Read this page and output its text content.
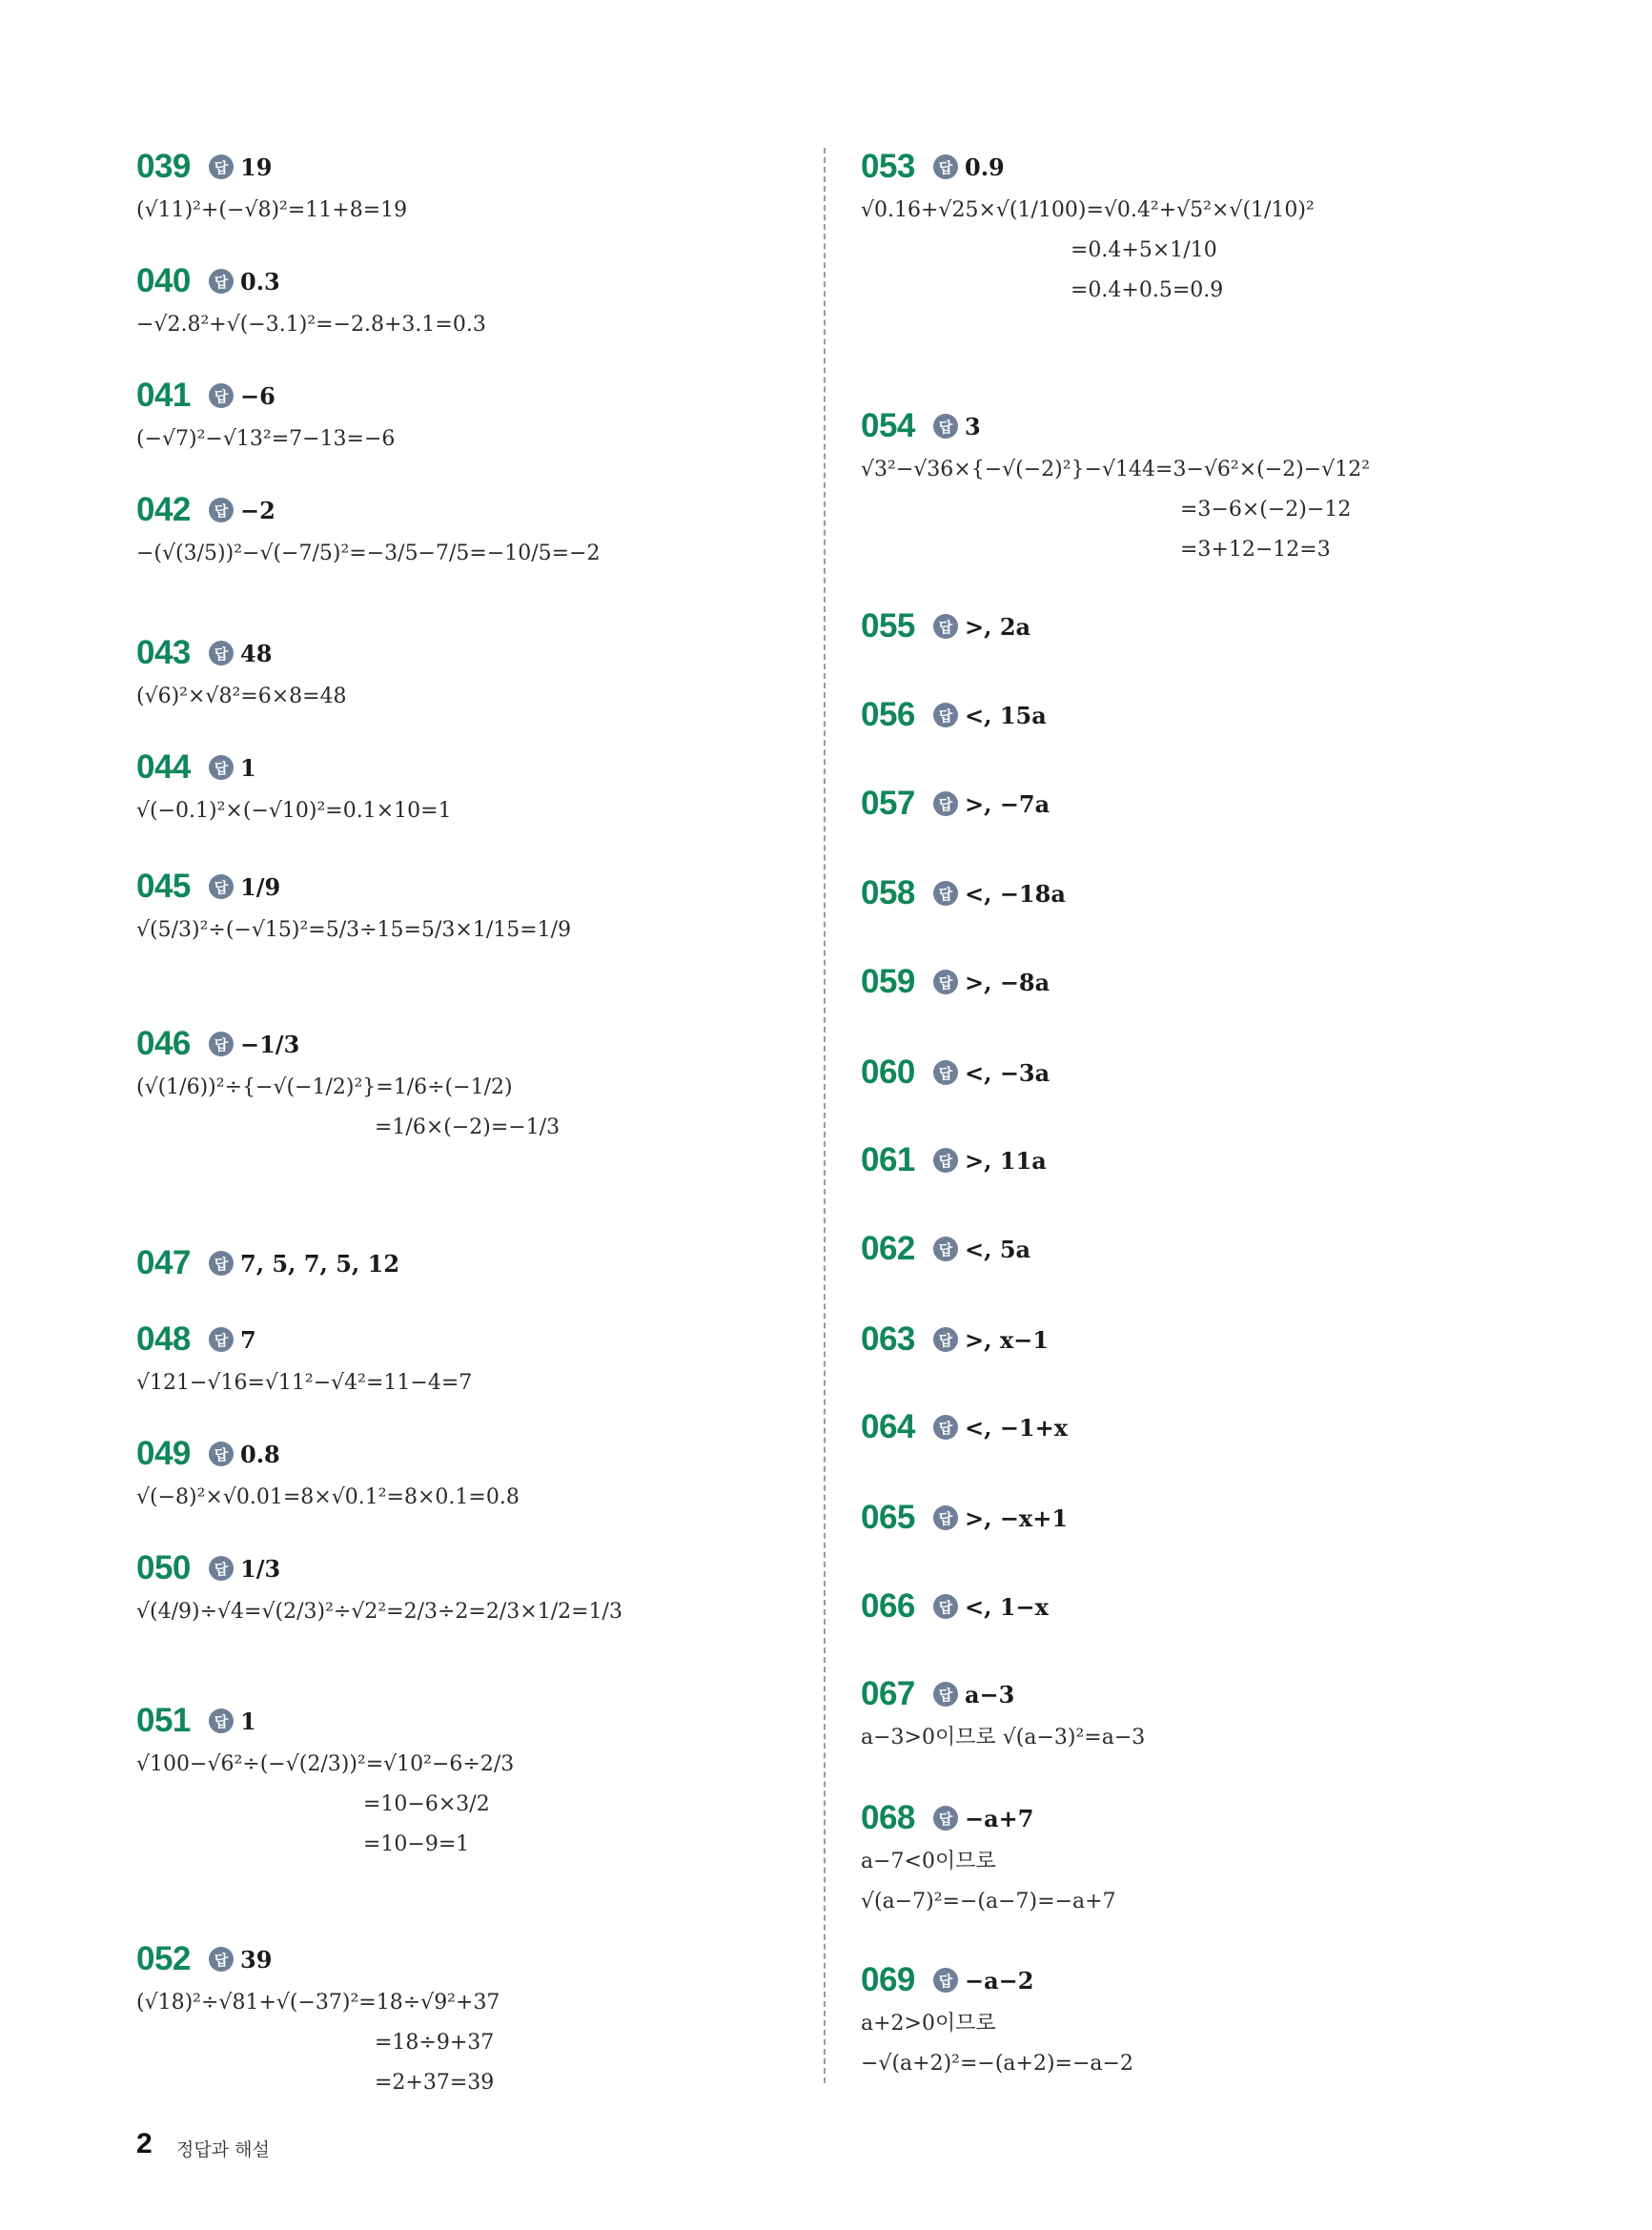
039	답 19
(√11)²+(−√8)²=11+8=19
040	답 0.3
−√2.8²+√(−3.1)²=−2.8+3.1=0.3
041	답 −6
(−√7)²−√13²=7−13=−6
042	답 −2
−(√(3/5))²−√(−7/5)²=−3/5−7/5=−10/5=−2
043	답 48
(√6)²×√8²=6×8=48
044	답 1
√(−0.1)²×(−√10)²=0.1×10=1
045	답 1/9
√(5/3)²÷(−√15)²=5/3÷15=5/3×1/15=1/9
046	답 −1/3
(√(1/6))²÷{−√(−1/2)²}=1/6÷(−1/2)
=1/6×(−2)=−1/3
047	답 7, 5, 7, 5, 12
048	답 7
√121−√16=√11²−√4²=11−4=7
049	답 0.8
√(−8)²×√0.01=8×√0.1²=8×0.1=0.8
050	답 1/3
√(4/9)÷√4=√(2/3)²÷√2²=2/3÷2=2/3×1/2=1/3
051	답 1
√100−√6²÷(−√(2/3))²=√10²−6÷2/3
=10−6×3/2
=10−9=1
052	답 39
(√18)²÷√81+√(−37)²=18÷√9²+37
=18÷9+37
=2+37=39
053	답 0.9
√0.16+√25×√(1/100)=√0.4²+√5²×√(1/10)²
=0.4+5×1/10
=0.4+0.5=0.9
054	답 3
√3²−√36×{−√(−2)²}−√144=3−√6²×(−2)−√12²
=3−6×(−2)−12
=3+12−12=3
055	답 >, 2a
056	답 <, 15a
057	답 >, −7a
058	답 <, −18a
059	답 >, −8a
060	답 <, −3a
061	답 >, 11a
062	답 <, 5a
063	답 >, x−1
064	답 <, −1+x
065	답 >, −x+1
066	답 <, 1−x
067	답 a−3
a−3>0이므로 √(a−3)²=a−3
068	답 −a+7
a−7<0이므로
√(a−7)²=−(a−7)=−a+7
069	답 −a−2
a+2>0이므로
−√(a+2)²=−(a+2)=−a−2
2 정답과 해설
